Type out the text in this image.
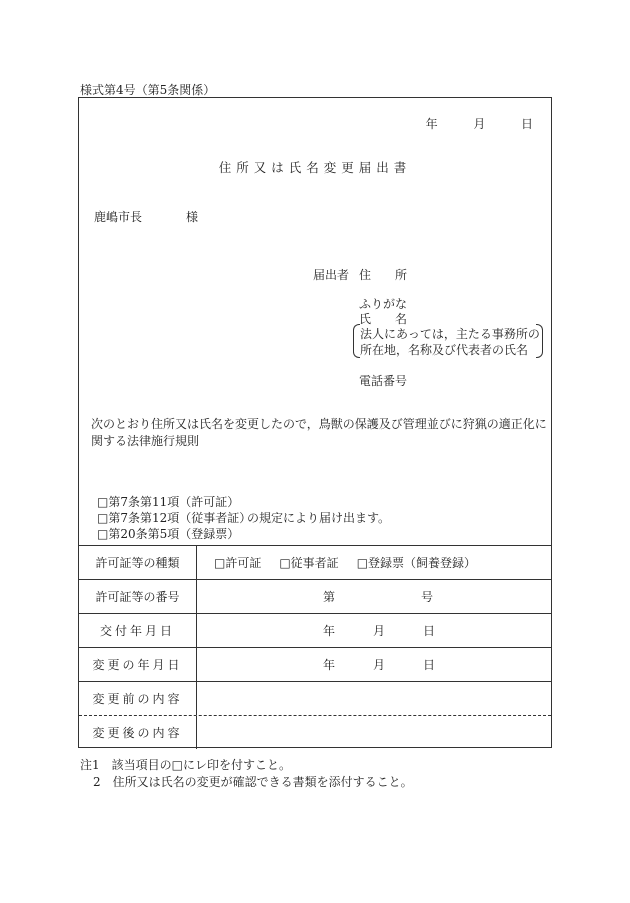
様式第4号（第5条関係）
年	月	日
住所又は氏名変更届出書
鹿嶋市長	様
届出者 住　　所
ふりがな
氏　　名
法人にあっては，主たる事務所の
所在地，名称及び代表者の氏名
電話番号
次のとおり住所又は氏名を変更したので，鳥獣の保護及び管理並びに狩猟の適正化に関する法律施行規則
□第7条第11項（許可証）
□第7条第12項（従事者証）
□第20条第5項（登録票）
の規定により届け出ます。
許可証等の種類	□許可証 □従事者証 □登録票（飼養登録）
許可証等の番号	第	号
交付年月日	年	月	日
変更の年月日	年	月	日
変更前の内容
変更後の内容
注1　該当項目の□にレ印を付すこと。
2　住所又は氏名の変更が確認できる書類を添付すること。
